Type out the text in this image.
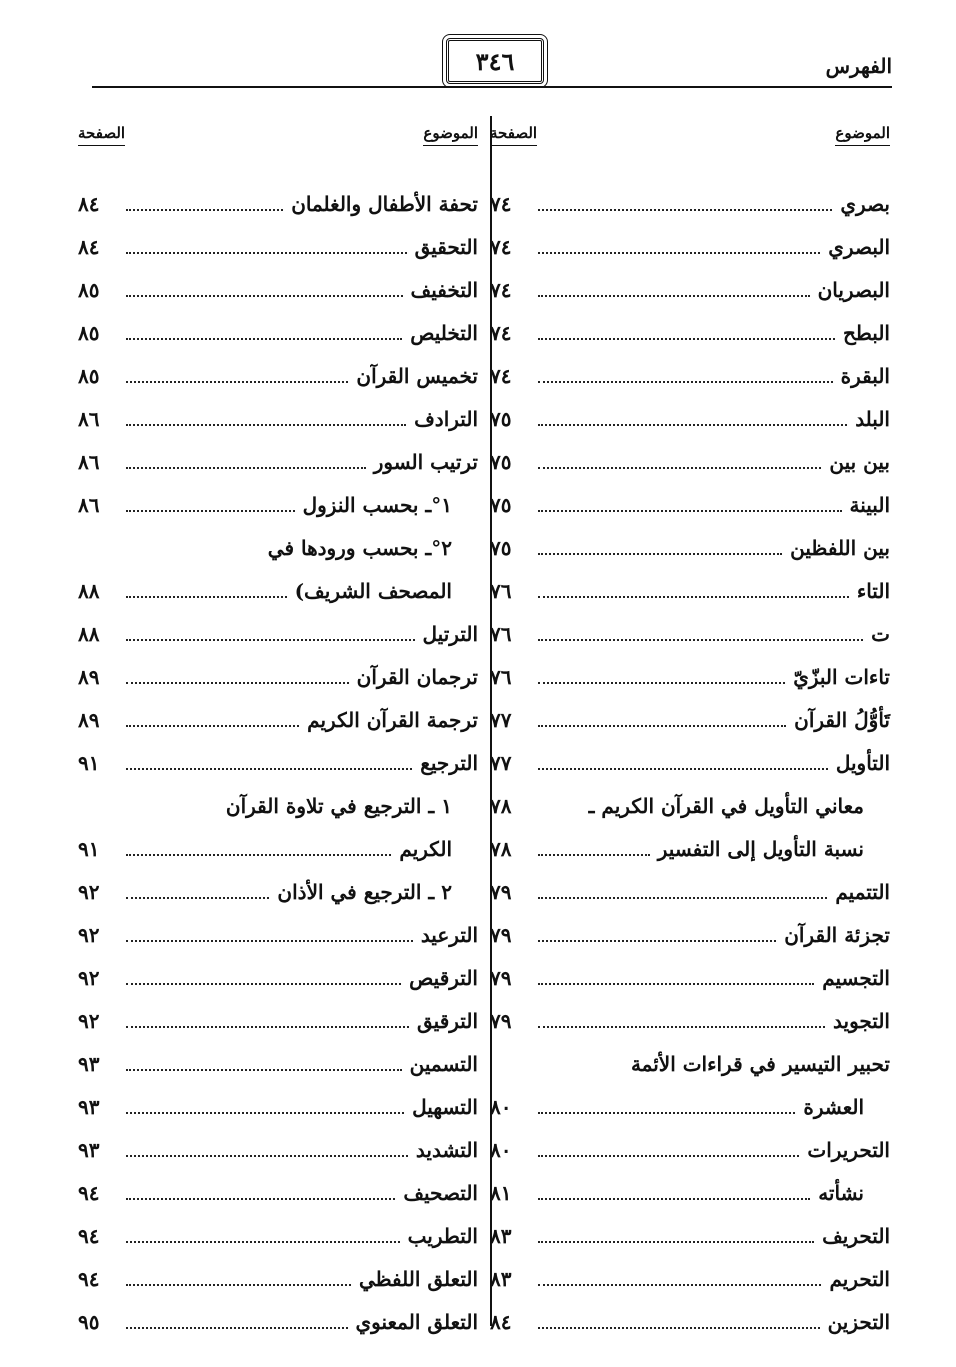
الفهرس
٣٤٦
الموضوع
الصفحة
بصري
٧٤
البصري
٧٤
البصريان
٧٤
البطح
٧٤
البقرة
٧٤
البلد
٧٥
بين بين
٧٥
البينة
٧٥
بين اللفظين
٧٥
التاء
٧٦
ت
٧٦
تاءات البزّيّ
٧٦
تَأوُّلُ القرآن
٧٧
التأويل
٧٧
معاني التأويل في القرآن الكريم ـ
٧٨
نسبة التأويل إلى التفسير
٧٨
التتميم
٧٩
تجزئة القرآن
٧٩
التجسيم
٧٩
التجويد
٧٩
تحبير التيسير في قراءات الأئمة
العشرة
٨٠
التحريرات
٨٠
نشأته
٨١
التحريف
٨٣
التحريم
٨٣
التحزين
٨٤
الموضوع
الصفحة
تحفة الأطفال والغلمان
٨٤
التحقيق
٨٤
التخفيف
٨٥
التخليص
٨٥
تخميس القرآن
٨٥
الترادف
٨٦
ترتيب السور
٨٦
١°ـ بحسب النزول
٨٦
٢°ـ بحسب ورودها في
المصحف الشريف)
٨٨
الترتيل
٨٨
ترجمان القرآن
٨٩
ترجمة القرآن الكريم
٨٩
الترجيع
٩١
١ ـ الترجيع في تلاوة القرآن
الكريم
٩١
٢ ـ الترجيع في الأذان
٩٢
الترعيد
٩٢
الترقيص
٩٢
الترقيق
٩٢
التسمين
٩٣
التسهيل
٩٣
التشديد
٩٣
التصحيف
٩٤
التطريب
٩٤
التعلق اللفظي
٩٤
التعلق المعنوي
٩٥
